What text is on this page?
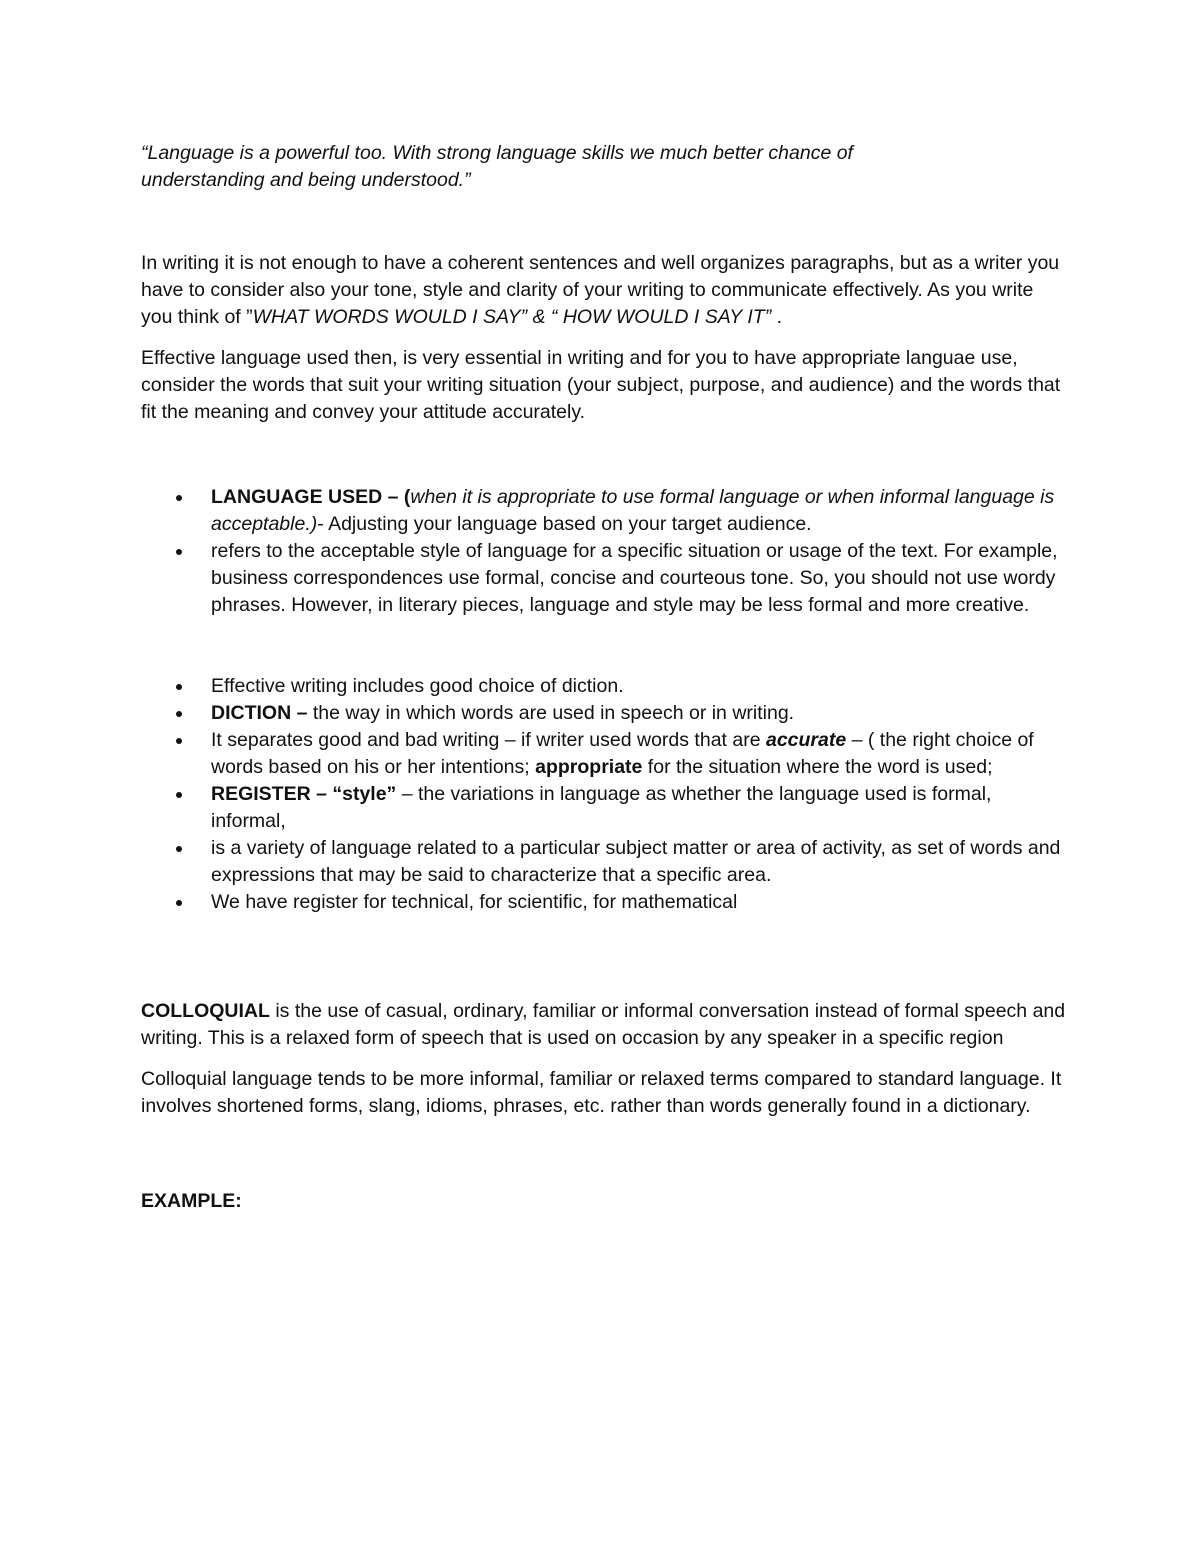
“Language is a powerful too. With strong language skills we much better chance of
understanding and being understood.”

In writing it is not enough to have a coherent sentences and well organizes paragraphs, but as a writer you have to consider also your tone, style and clarity of your writing to communicate effectively. As you write you think of ”WHAT WORDS WOULD I SAY” & “ HOW WOULD I SAY IT” .

Effective language used then, is very essential in writing and for you to have appropriate languae use, consider the words that suit your writing situation (your subject, purpose, and audience) and the words that fit the meaning and convey your attitude accurately.

LANGUAGE USED – (when it is appropriate to use formal language or when informal language is acceptable.)- Adjusting your language based on your target audience.
refers to the acceptable style of language for a specific situation or usage of the text. For example, business correspondences use formal, concise and courteous tone. So, you should not use wordy phrases. However, in literary pieces, language and style may be less formal and more creative.
Effective writing includes good choice of diction.
DICTION – the way in which words are used in speech or in writing.
It separates good and bad writing – if writer used words that are accurate – ( the right choice of words based on his or her intentions; appropriate for the situation where the word is used;
REGISTER – “style” – the variations in language as whether the language used is formal, informal,
is a variety of language related to a particular subject matter or area of activity, as set of words and expressions that may be said to characterize that a specific area.
We have register for technical, for scientific, for mathematical

COLLOQUIAL is the use of casual, ordinary, familiar or informal conversation instead of formal speech and writing. This is a relaxed form of speech that is used on occasion by any speaker in a specific region

Colloquial language tends to be more informal, familiar or relaxed terms compared to standard language. It involves shortened forms, slang, idioms, phrases, etc. rather than words generally found in a dictionary.

EXAMPLE:
